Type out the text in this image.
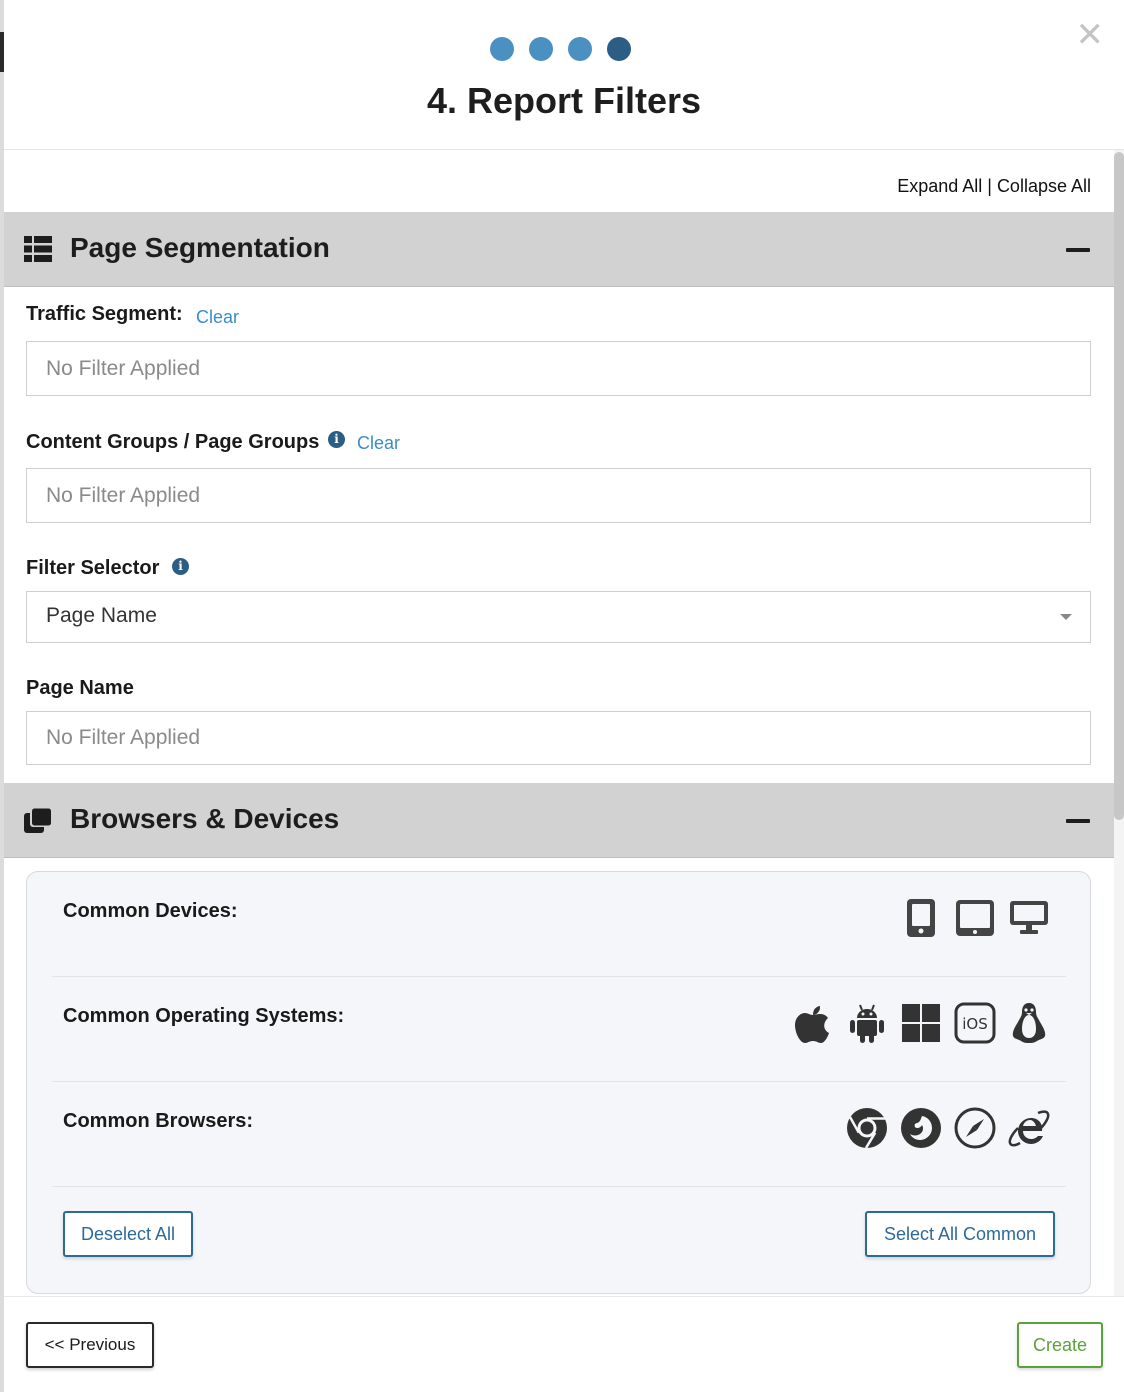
4. Report Filters
✕
Expand All | Collapse All
Page Segmentation
Traffic Segment: Clear
No Filter Applied
Content Groups / Page Groups	i	Clear
No Filter Applied
Filter Selector	i
Page Name
Page Name
No Filter Applied
Browsers & Devices
Common Devices:
Common Operating Systems:	iOS
Common Browsers:
Deselect All	Select All Common
<< Previous	Create
